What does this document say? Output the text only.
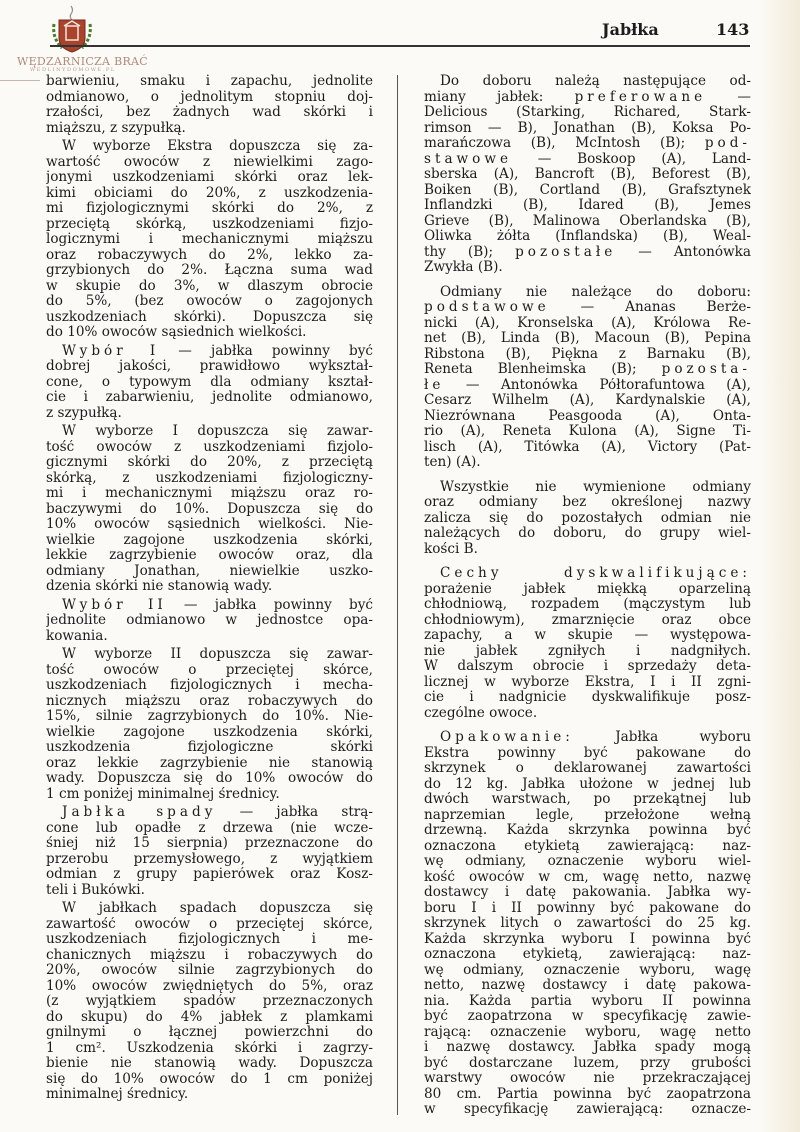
WĘDZARNICZA BRAĆ
WEDLINYDOMOWE.PL
Jabłka	143
barwieniu, smaku i zapachu, jednolite
odmianowo, o jednolitym stopniu doj-
rzałości, bez żadnych wad skórki i
miąższu, z szypułką.
W wyborze Ekstra dopuszcza się za-
wartość owoców z niewielkimi zago-
jonymi uszkodzeniami skórki oraz lek-
kimi obiciami do 20%, z uszkodzenia-
mi fizjologicznymi skórki do 2%, z
przeciętą skórką, uszkodzeniami fizjo-
logicznymi i mechanicznymi miąższu
oraz robaczywych do 2%, lekko za-
grzybionych do 2%. Łączna suma wad
w skupie do 3%, w dlaszym obrocie
do 5%, (bez owoców o zagojonych
uszkodzeniach skórki). Dopuszcza się
do 10% owoców sąsiednich wielkości.
Wybór I — jabłka powinny być
dobrej jakości, prawidłowo wykształ-
cone, o typowym dla odmiany kształ-
cie i zabarwieniu, jednolite odmianowo,
z szypułką.
W wyborze I dopuszcza się zawar-
tość owoców z uszkodzeniami fizjolo-
gicznymi skórki do 20%, z przeciętą
skórką, z uszkodzeniami fizjologiczny-
mi i mechanicznymi miąższu oraz ro-
baczywymi do 10%. Dopuszcza się do
10% owoców sąsiednich wielkości. Nie-
wielkie zagojone uszkodzenia skórki,
lekkie zagrzybienie owoców oraz, dla
odmiany Jonathan, niewielkie uszko-
dzenia skórki nie stanowią wady.
Wybór II — jabłka powinny być
jednolite odmianowo w jednostce opa-
kowania.
W wyborze II dopuszcza się zawar-
tość owoców o przeciętej skórce,
uszkodzeniach fizjologicznych i mecha-
nicznych miąższu oraz robaczywych do
15%, silnie zagrzybionych do 10%. Nie-
wielkie zagojone uszkodzenia skórki,
uszkodzenia fizjologiczne skórki
oraz lekkie zagrzybienie nie stanowią
wady. Dopuszcza się do 10% owoców do
1 cm poniżej minimalnej średnicy.
Jabłka spady — jabłka strą-
cone lub opadłe z drzewa (nie wcze-
śniej niż 15 sierpnia) przeznaczone do
przerobu przemysłowego, z wyjątkiem
odmian z grupy papierówek oraz Kosz-
teli i Bukówki.
W jabłkach spadach dopuszcza się
zawartość owoców o przeciętej skórce,
uszkodzeniach fizjologicznych i me-
chanicznych miąższu i robaczywych do
20%, owoców silnie zagrzybionych do
10% owoców zwiędniętych do 5%, oraz
(z wyjątkiem spadów przeznaczonych
do skupu) do 4% jabłek z plamkami
gnilnymi o łącznej powierzchni do
1 cm². Uszkodzenia skórki i zagrzy-
bienie nie stanowią wady. Dopuszcza
się do 10% owoców do 1 cm poniżej
minimalnej średnicy.
Do doboru należą następujące od-
miany jabłek: preferowane —
Delicious (Starking, Richared, Stark-
rimson — B), Jonathan (B), Koksa Po-
marańczowa (B), McIntosh (B); pod-
stawowe — Boskoop (A), Land-
sberska (A), Bancroft (B), Beforest (B),
Boiken (B), Cortland (B), Grafsztynek
Inflandzki (B), Idared (B), Jemes
Grieve (B), Malinowa Oberlandska (B),
Oliwka żółta (Inflandska) (B), Weal-
thy (B); pozostałe — Antonówka
Zwykła (B).
Odmiany nie należące do doboru:
podstawowe — Ananas Berże-
nicki (A), Kronselska (A), Królowa Re-
net (B), Linda (B), Macoun (B), Pepina
Ribstona (B), Piękna z Barnaku (B),
Reneta Blenheimska (B); pozosta-
łe — Antonówka Półtorafuntowa (A),
Cesarz Wilhelm (A), Kardynalskie (A),
Niezrównana Peasgooda (A), Onta-
rio (A), Reneta Kulona (A), Signe Ti-
lisch (A), Titówka (A), Victory (Pat-
ten) (A).
Wszystkie nie wymienione odmiany
oraz odmiany bez określonej nazwy
zalicza się do pozostałych odmian nie
należących do doboru, do grupy wiel-
kości B.
Cechy dyskwalifikujące:
porażenie jabłek miękką oparzeliną
chłodniową, rozpadem (mączystym lub
chłodniowym), zmarznięcie oraz obce
zapachy, a w skupie — występowa-
nie jabłek zgniłych i nadgniłych.
W dalszym obrocie i sprzedaży deta-
licznej w wyborze Ekstra, I i II zgni-
cie i nadgnicie dyskwalifikuje posz-
czególne owoce.
Opakowanie: Jabłka wyboru
Ekstra powinny być pakowane do
skrzynek o deklarowanej zawartości
do 12 kg. Jabłka ułożone w jednej lub
dwóch warstwach, po przekątnej lub
naprzemian legle, przełożone wełną
drzewną. Każda skrzynka powinna być
oznaczona etykietą zawierającą: naz-
wę odmiany, oznaczenie wyboru wiel-
kość owoców w cm, wagę netto, nazwę
dostawcy i datę pakowania. Jabłka wy-
boru I i II powinny być pakowane do
skrzynek litych o zawartości do 25 kg.
Każda skrzynka wyboru I powinna być
oznaczona etykietą, zawierającą: naz-
wę odmiany, oznaczenie wyboru, wagę
netto, nazwę dostawcy i datę pakowa-
nia. Każda partia wyboru II powinna
być zaopatrzona w specyfikację zawie-
rającą: oznaczenie wyboru, wagę netto
i nazwę dostawcy. Jabłka spady mogą
być dostarczane luzem, przy grubości
warstwy owoców nie przekraczającej
80 cm. Partia powinna być zaopatrzona
w specyfikację zawierającą: oznacze-
